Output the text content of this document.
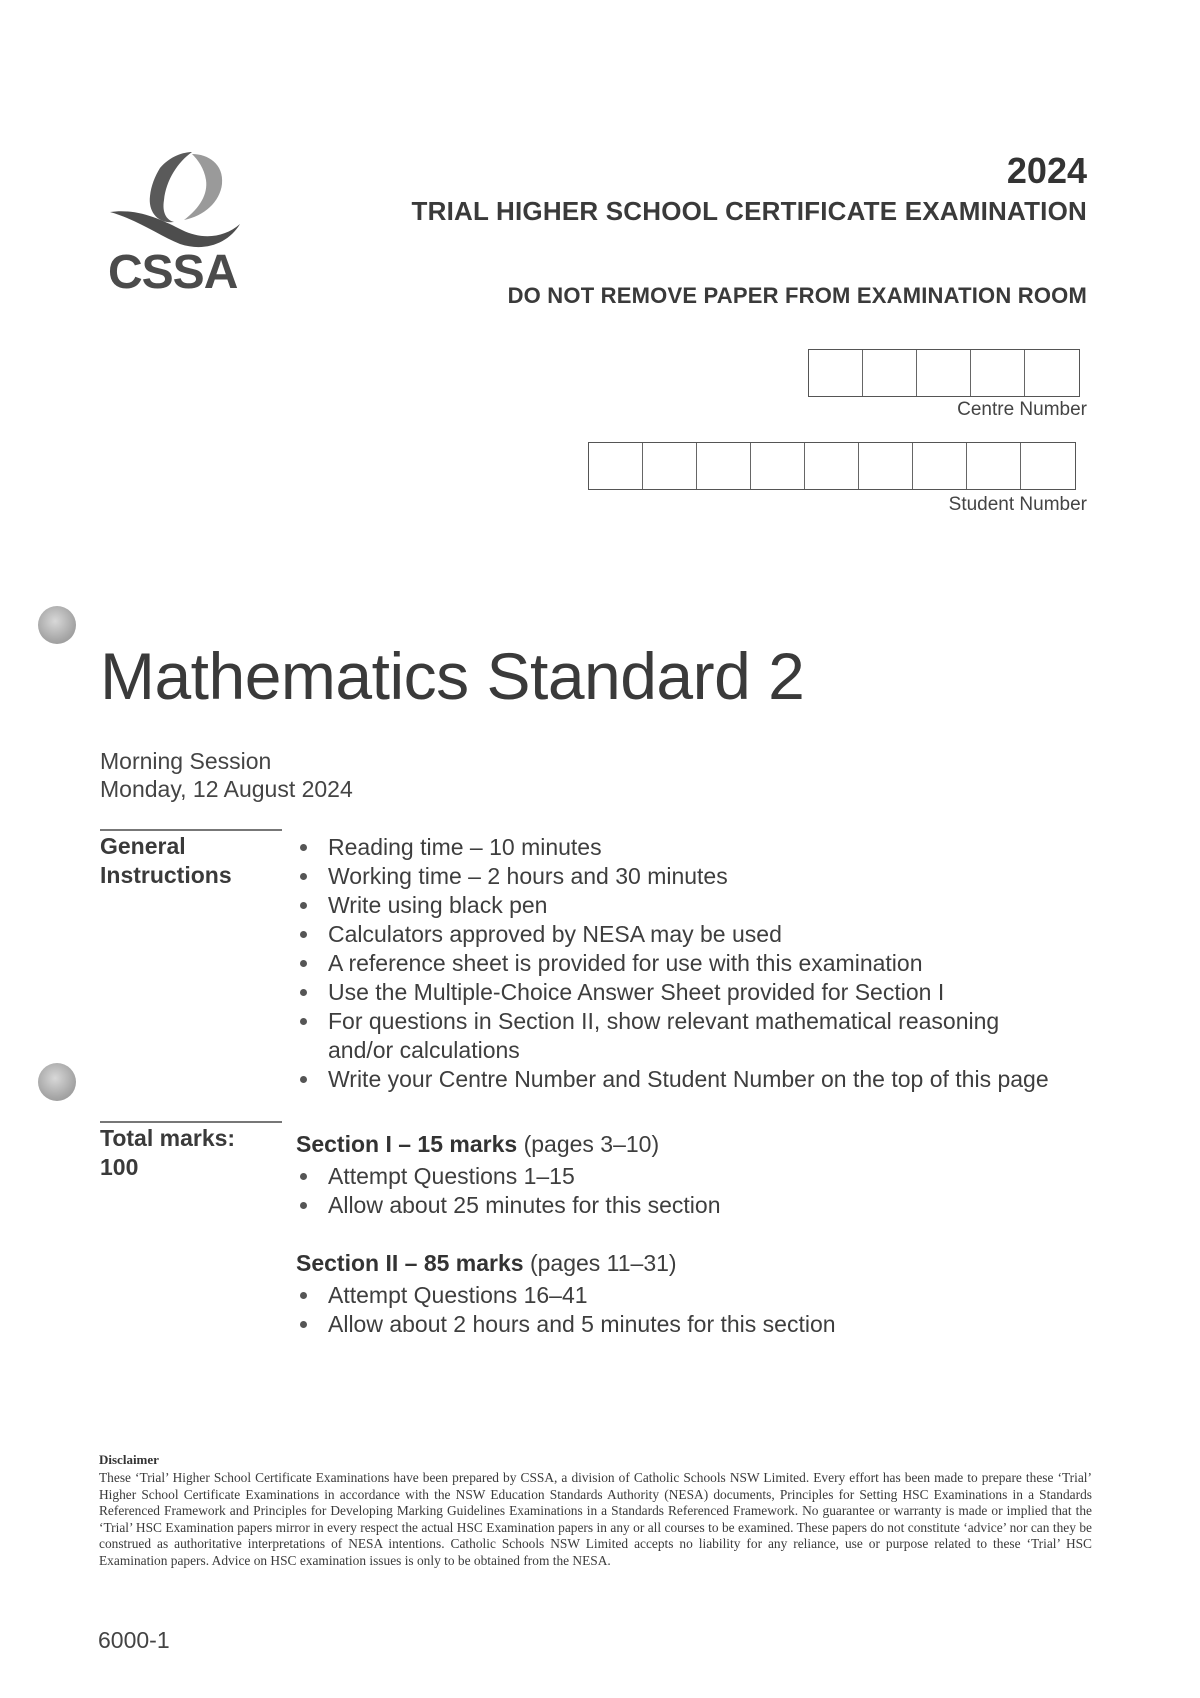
CSSA
2024
TRIAL HIGHER SCHOOL CERTIFICATE EXAMINATION
DO NOT REMOVE PAPER FROM EXAMINATION ROOM
Centre Number
Student Number
Mathematics Standard 2
Morning Session
Monday, 12 August 2024
General
Instructions
Reading time – 10 minutes
Working time – 2 hours and 30 minutes
Write using black pen
Calculators approved by NESA may be used
A reference sheet is provided for use with this examination
Use the Multiple-Choice Answer Sheet provided for Section I
For questions in Section II, show relevant mathematical reasoning and/or calculations
Write your Centre Number and Student Number on the top of this page
Total marks:
100
Section I – 15 marks (pages 3–10)
Attempt Questions 1–15
Allow about 25 minutes for this section
Section II – 85 marks (pages 11–31)
Attempt Questions 16–41
Allow about 2 hours and 5 minutes for this section
Disclaimer
These ‘Trial’ Higher School Certificate Examinations have been prepared by CSSA, a division of Catholic Schools NSW Limited. Every effort has been made to prepare these ‘Trial’ Higher School Certificate Examinations in accordance with the NSW Education Standards Authority (NESA) documents, Principles for Setting HSC Examinations in a Standards Referenced Framework and Principles for Developing Marking Guidelines Examinations in a Standards Referenced Framework. No guarantee or warranty is made or implied that the ‘Trial’ HSC Examination papers mirror in every respect the actual HSC Examination papers in any or all courses to be examined. These papers do not constitute ‘advice’ nor can they be construed as authoritative interpretations of NESA intentions. Catholic Schools NSW Limited accepts no liability for any reliance, use or purpose related to these ‘Trial’ HSC Examination papers. Advice on HSC examination issues is only to be obtained from the NESA.
6000-1
